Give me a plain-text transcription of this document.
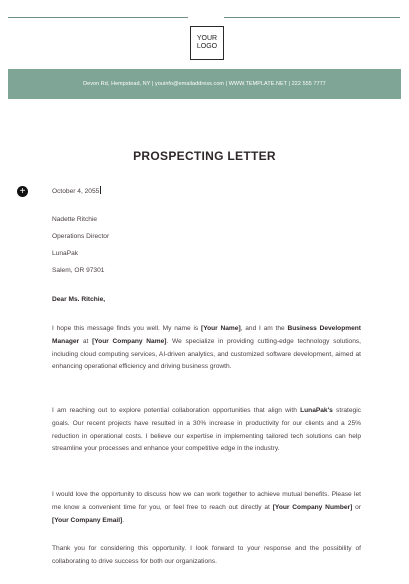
YOUR
LOGO
Devon Rd, Hempstead, NY | youinfo@emailaddress.com | WWW.TEMPLATE.NET | 222 555 7777
PROSPECTING LETTER
+	October 4, 2055
Nadette Ritchie
Operations Director
LunaPak
Salem, OR 97301
Dear Ms. Ritchie,
I hope this message finds you well. My name is [Your Name], and I am the Business Development Manager at [Your Company Name]. We specialize in providing cutting-edge technology solutions, including cloud computing services, AI-driven analytics, and customized software development, aimed at enhancing operational efficiency and driving business growth.
I am reaching out to explore potential collaboration opportunities that align with LunaPak's strategic goals. Our recent projects have resulted in a 30% increase in productivity for our clients and a 25% reduction in operational costs. I believe our expertise in implementing tailored tech solutions can help streamline your processes and enhance your competitive edge in the industry.
I would love the opportunity to discuss how we can work together to achieve mutual benefits. Please let me know a convenient time for you, or feel free to reach out directly at [Your Company Number] or [Your Company Email].
Thank you for considering this opportunity. I look forward to your response and the possibility of collaborating to drive success for both our organizations.
